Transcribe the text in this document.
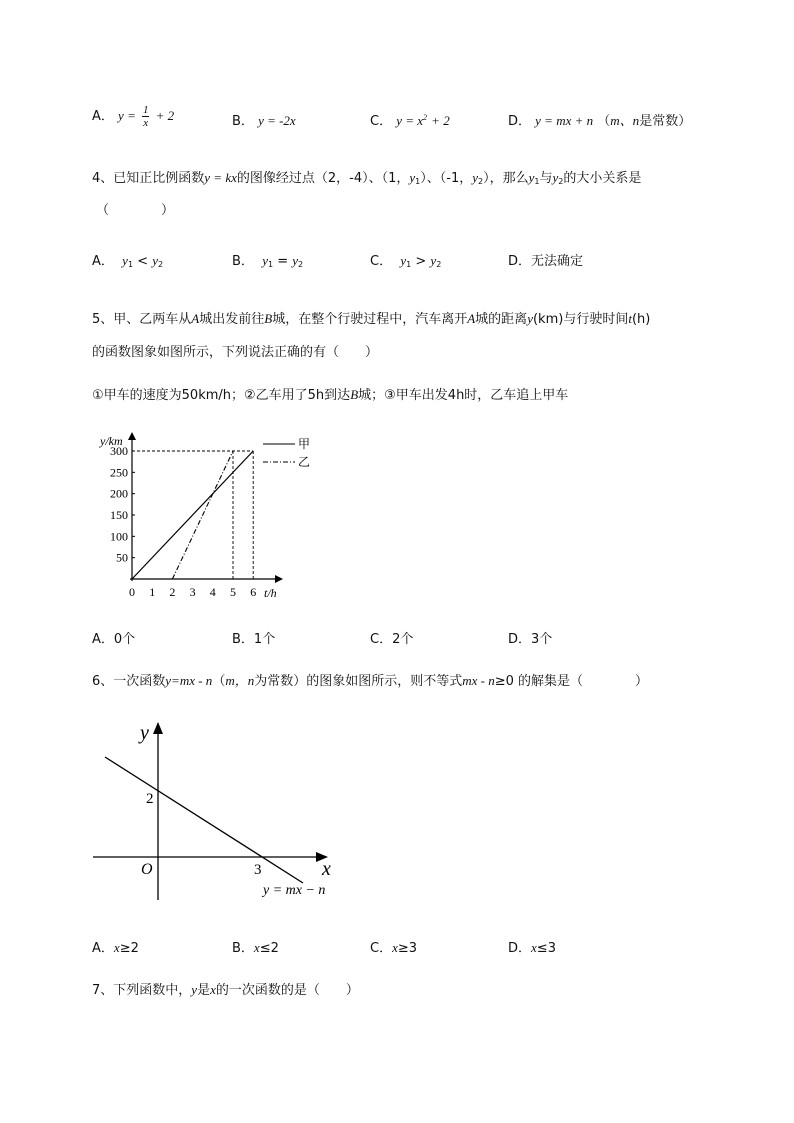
A． $y = \frac{1}{x} + 2$	B． y = -2x	C． $y = x^2 + 2$	D． y = mx + n （m、n是常数）
4、已知正比例函数y = kx的图像经过点（2，-4）、（1，$y_1$）、（-1，$y_2$），那么$y_1$与$y_2$的大小关系是
（　　　　）
A． $y_1 < y_2$	B． $y_1 = y_2$	C． $y_1 > y_2$	D．无法确定
5、甲、乙两车从A城出发前往B城，在整个行驶过程中，汽车离开A城的距离y(km)与行驶时间t(h)
的函数图象如图所示，下列说法正确的有（　　）
①甲车的速度为50km/h；②乙车用了5h到达B城；③甲车出发4h时，乙车追上甲车
y/km
t/h
甲
乙
0 1 2 3 4 5 6
50
100
150
200
250
300
A．0个	B．1个	C．2个	D．3个
6、一次函数y=mx - n（m，n为常数）的图象如图所示，则不等式mx - n≥0 的解集是（　　　　）
y
x
O
2
3
y = mx − n
A．x≥2	B．x≤2	C．x≥3	D．x≤3
7、下列函数中，y是x的一次函数的是（　　）
